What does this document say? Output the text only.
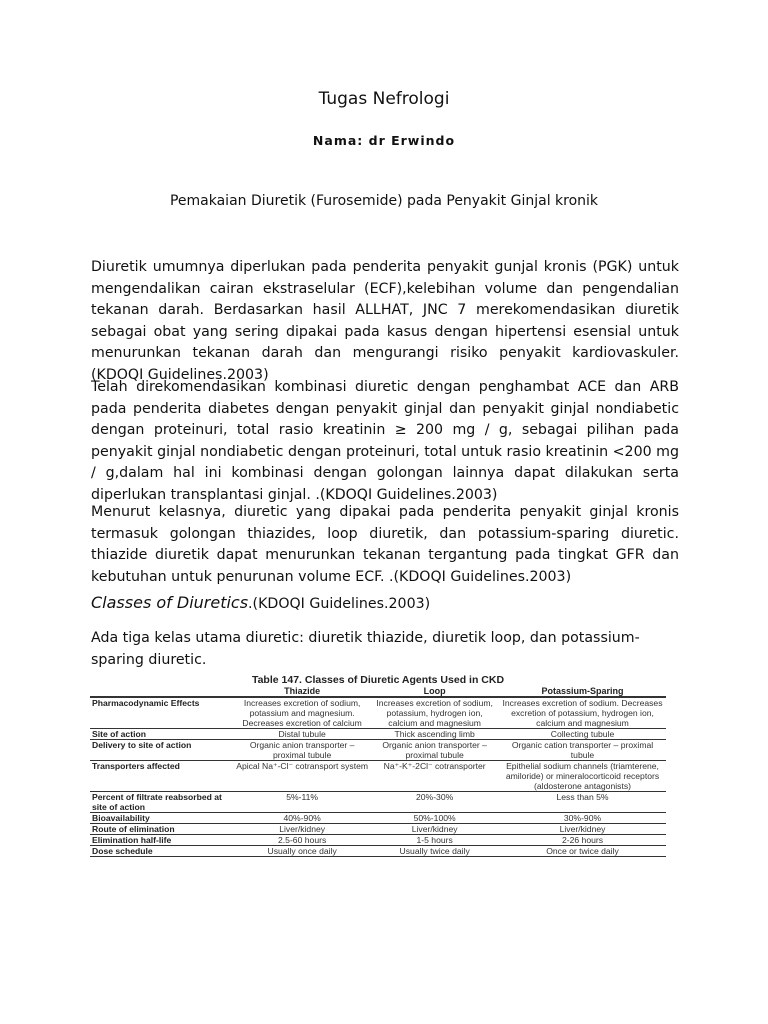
Tugas Nefrologi
Nama: dr Erwindo
Pemakaian Diuretik (Furosemide) pada Penyakit Ginjal kronik

Diuretik umumnya diperlukan pada penderita penyakit gunjal kronis (PGK) untuk mengendalikan cairan ekstraselular (ECF),kelebihan volume dan pengendalian tekanan darah. Berdasarkan hasil ALLHAT, JNC 7 merekomendasikan diuretik sebagai obat yang sering dipakai pada kasus dengan hipertensi esensial untuk menurunkan tekanan darah dan mengurangi risiko penyakit kardiovaskuler.(KDOQI Guidelines.2003)

Telah direkomendasikan kombinasi diuretic dengan penghambat ACE dan ARB pada penderita diabetes dengan penyakit ginjal dan penyakit ginjal nondiabetic dengan proteinuri, total rasio kreatinin ≥ 200 mg / g, sebagai pilihan pada penyakit ginjal nondiabetic dengan proteinuri, total untuk rasio kreatinin <200 mg / g,dalam hal ini kombinasi dengan golongan lainnya dapat dilakukan serta diperlukan transplantasi ginjal. .(KDOQI Guidelines.2003)

Menurut kelasnya, diuretic yang dipakai pada penderita penyakit ginjal kronis termasuk golongan thiazides, loop diuretik, dan potassium-sparing diuretic. thiazide diuretik dapat menurunkan tekanan tergantung pada tingkat GFR dan kebutuhan untuk penurunan volume ECF. .(KDOQI Guidelines.2003)

Classes of Diuretics.(KDOQI Guidelines.2003)

Ada tiga kelas utama diuretic: diuretik thiazide, diuretik loop, dan potassium-sparing diuretic.

Table 147. Classes of Diuretic Agents Used in CKD
	Thiazide	Loop	Potassium-Sparing
Pharmacodynamic Effects	Increases excretion of sodium, potassium and magnesium. Decreases excretion of calcium	Increases excretion of sodium, potassium, hydrogen ion, calcium and magnesium	Increases excretion of sodium. Decreases excretion of potassium, hydrogen ion, calcium and magnesium
Site of action	Distal tubule	Thick ascending limb	Collecting tubule
Delivery to site of action	Organic anion transporter – proximal tubule	Organic anion transporter – proximal tubule	Organic cation transporter – proximal tubule
Transporters affected	Apical Na⁺-Cl⁻ cotransport system	Na⁺-K⁺-2Cl⁻ cotransporter	Epithelial sodium channels (triamterene, amiloride) or mineralocorticoid receptors (aldosterone antagonists)
Percent of filtrate reabsorbed at site of action	5%-11%	20%-30%	Less than 5%
Bioavailability	40%-90%	50%-100%	30%-90%
Route of elimination	Liver/kidney	Liver/kidney	Liver/kidney
Elimination half-life	2.5-60 hours	1-5 hours	2-26 hours
Dose schedule	Usually once daily	Usually twice daily	Once or twice daily
